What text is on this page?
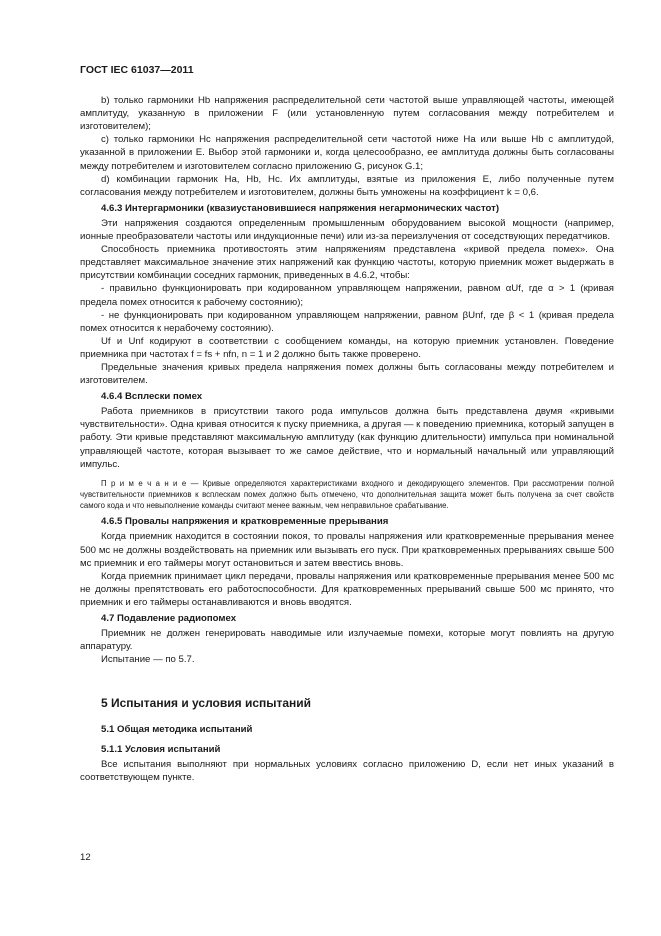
ГОСТ IEC 61037—2011

b) только гармоники Hb напряжения распределительной сети частотой выше управляющей частоты, имеющей амплитуду, указанную в приложении F (или установленную путем согласования между потребителем и изготовителем);

c) только гармоники Hc напряжения распределительной сети частотой ниже Ha или выше Hb с амплитудой, указанной в приложении Е. Выбор этой гармоники и, когда целесообразно, ее амплитуда должны быть согласованы между потребителем и изготовителем согласно приложению G, рисунок G.1;

d) комбинации гармоник Ha, Hb, Hc. Их амплитуды, взятые из приложения Е, либо полученные путем согласования между потребителем и изготовителем, должны быть умножены на коэффициент k = 0,6.

4.6.3 Интергармоники (квазиустановившиеся напряжения негармонических частот)

Эти напряжения создаются определенным промышленным оборудованием высокой мощности (например, ионные преобразователи частоты или индукционные печи) или из-за переизлучения от соседствующих передатчиков.

Способность приемника противостоять этим напряжениям представлена «кривой предела помех». Она представляет максимальное значение этих напряжений как функцию частоты, которую приемник может выдержать в присутствии комбинации соседних гармоник, приведенных в 4.6.2, чтобы:

- правильно функционировать при кодированном управляющем напряжении, равном αUf, где α > 1 (кривая предела помех относится к рабочему состоянию);

- не функционировать при кодированном управляющем напряжении, равном βUnf, где β < 1 (кривая предела помех относится к нерабочему состоянию).

Uf и Unf кодируют в соответствии с сообщением команды, на которую приемник установлен. Поведение приемника при частотах f = fs + nfn, n = 1 и 2 должно быть также проверено.

Предельные значения кривых предела напряжения помех должны быть согласованы между потребителем и изготовителем.

4.6.4 Всплески помех

Работа приемников в присутствии такого рода импульсов должна быть представлена двумя «кривыми чувствительности». Одна кривая относится к пуску приемника, а другая — к поведению приемника, который запущен в работу. Эти кривые представляют максимальную амплитуду (как функцию длительности) импульса при номинальной управляющей частоте, которая вызывает то же самое действие, что и нормальный начальный или управляющий импульс.

П р и м е ч а н и е — Кривые определяются характеристиками входного и декодирующего элементов. При рассмотрении полной чувствительности приемников к всплескам помех должно быть отмечено, что дополнительная защита может быть получена за счет свойств самого кода и что невыполнение команды считают менее важным, чем неправильное срабатывание.
4.6.5 Провалы напряжения и кратковременные прерывания

Когда приемник находится в состоянии покоя, то провалы напряжения или кратковременные прерывания менее 500 мс не должны воздействовать на приемник или вызывать его пуск. При кратковременных прерываниях свыше 500 мс приемник и его таймеры могут остановиться и затем ввестись вновь.

Когда приемник принимает цикл передачи, провалы напряжения или кратковременные прерывания менее 500 мс не должны препятствовать его работоспособности. Для кратковременных прерываний свыше 500 мс принято, что приемник и его таймеры останавливаются и вновь вводятся.

4.7 Подавление радиопомех

Приемник не должен генерировать наводимые или излучаемые помехи, которые могут повлиять на другую аппаратуру.

Испытание — по 5.7.

5 Испытания и условия испытаний
5.1 Общая методика испытаний
5.1.1 Условия испытаний

Все испытания выполняют при нормальных условиях согласно приложению D, если нет иных указаний в соответствующем пункте.

12
